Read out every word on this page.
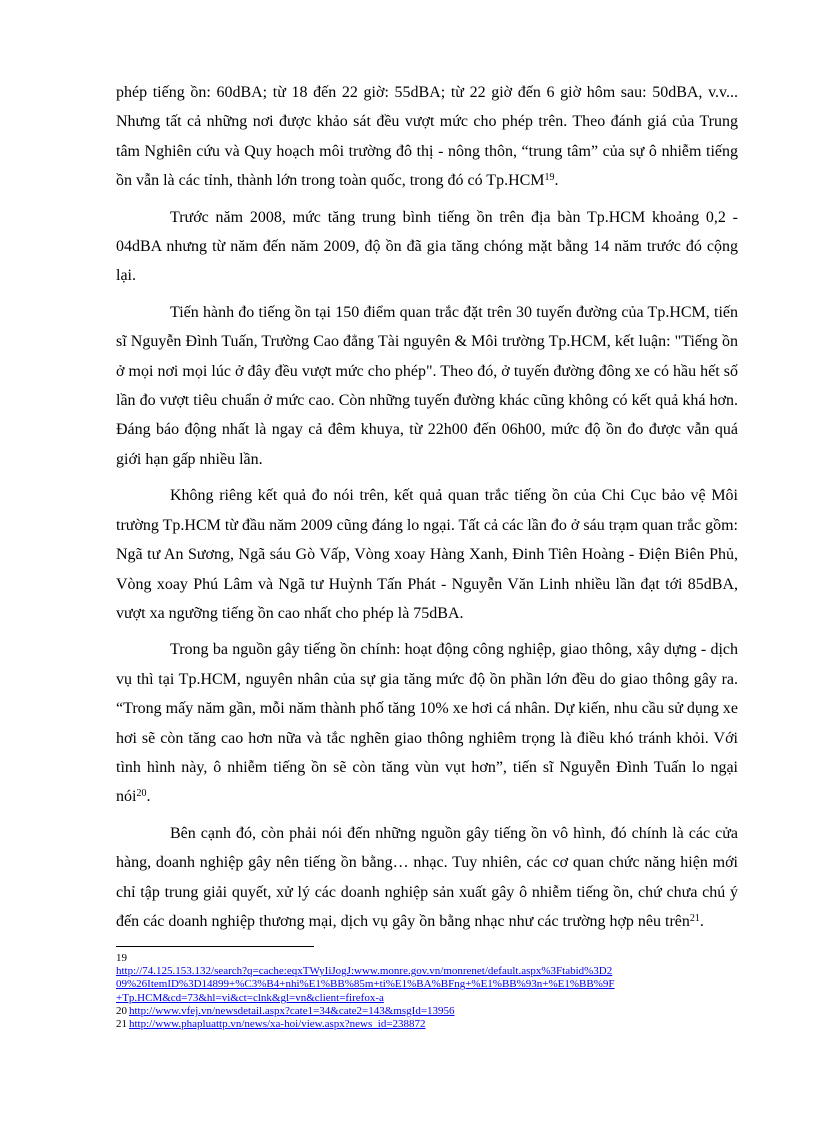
phép tiếng ồn: 60dBA; từ 18 đến 22 giờ: 55dBA; từ 22 giờ đến 6 giờ hôm sau: 50dBA, v.v... Nhưng tất cả những nơi được khảo sát đều vượt mức cho phép trên. Theo đánh giá của Trung tâm Nghiên cứu và Quy hoạch môi trường đô thị - nông thôn, “trung tâm” của sự ô nhiễm tiếng ồn vẫn là các tỉnh, thành lớn trong toàn quốc, trong đó có Tp.HCM$^{19}$.

Trước năm 2008, mức tăng trung bình tiếng ồn trên địa bàn Tp.HCM khoảng 0,2 - 04dBA nhưng từ năm đến năm 2009, độ ồn đã gia tăng chóng mặt bằng 14 năm trước đó cộng lại.

Tiến hành đo tiếng ồn tại 150 điểm quan trắc đặt trên 30 tuyến đường của Tp.HCM, tiến sĩ Nguyễn Đình Tuấn, Trường Cao đẳng Tài nguyên & Môi trường Tp.HCM, kết luận: "Tiếng ồn ở mọi nơi mọi lúc ở đây đều vượt mức cho phép". Theo đó, ở tuyến đường đông xe có hầu hết số lần đo vượt tiêu chuẩn ở mức cao. Còn những tuyến đường khác cũng không có kết quả khá hơn. Đáng báo động nhất là ngay cả đêm khuya, từ 22h00 đến 06h00, mức độ ồn đo được vẫn quá giới hạn gấp nhiều lần.

Không riêng kết quả đo nói trên, kết quả quan trắc tiếng ồn của Chi Cục bảo vệ Môi trường Tp.HCM từ đầu năm 2009 cũng đáng lo ngại. Tất cả các lần đo ở sáu trạm quan trắc gồm: Ngã tư An Sương, Ngã sáu Gò Vấp, Vòng xoay Hàng Xanh, Đinh Tiên Hoàng - Điện Biên Phủ, Vòng xoay Phú Lâm và Ngã tư Huỳnh Tấn Phát - Nguyễn Văn Linh nhiều lần đạt tới 85dBA, vượt xa ngưỡng tiếng ồn cao nhất cho phép là 75dBA.

Trong ba nguồn gây tiếng ồn chính: hoạt động công nghiệp, giao thông, xây dựng - dịch vụ thì tại Tp.HCM, nguyên nhân của sự gia tăng mức độ ồn phần lớn đều do giao thông gây ra. “Trong mấy năm gần, mỗi năm thành phố tăng 10% xe hơi cá nhân. Dự kiến, nhu cầu sử dụng xe hơi sẽ còn tăng cao hơn nữa và tắc nghẽn giao thông nghiêm trọng là điều khó tránh khỏi. Với tình hình này, ô nhiễm tiếng ồn sẽ còn tăng vùn vụt hơn”, tiến sĩ Nguyễn Đình Tuấn lo ngại nói$^{20}$.

Bên cạnh đó, còn phải nói đến những nguồn gây tiếng ồn vô hình, đó chính là các cửa hàng, doanh nghiệp gây nên tiếng ồn bằng… nhạc. Tuy nhiên, các cơ quan chức năng hiện mới chỉ tập trung giải quyết, xử lý các doanh nghiệp sản xuất gây ô nhiễm tiếng ồn, chứ chưa chú ý đến các doanh nghiệp thương mại, dịch vụ gây ồn bằng nhạc như các trường hợp nêu trên$^{21}$.

19

http://74.125.153.132/search?q=cache:eqxTWyIiJogJ:www.monre.gov.vn/monrenet/default.aspx%3Ftabid%3D2
09%26ItemID%3D14899+%C3%B4+nhi%E1%BB%85m+ti%E1%BA%BFng+%E1%BB%93n+%E1%BB%9F
+Tp.HCM&cd=73&hl=vi&ct=clnk&gl=vn&client=firefox-a

20 http://www.vfej.vn/newsdetail.aspx?cate1=34&cate2=143&msgId=13956

21 http://www.phapluattp.vn/news/xa-hoi/view.aspx?news_id=238872
